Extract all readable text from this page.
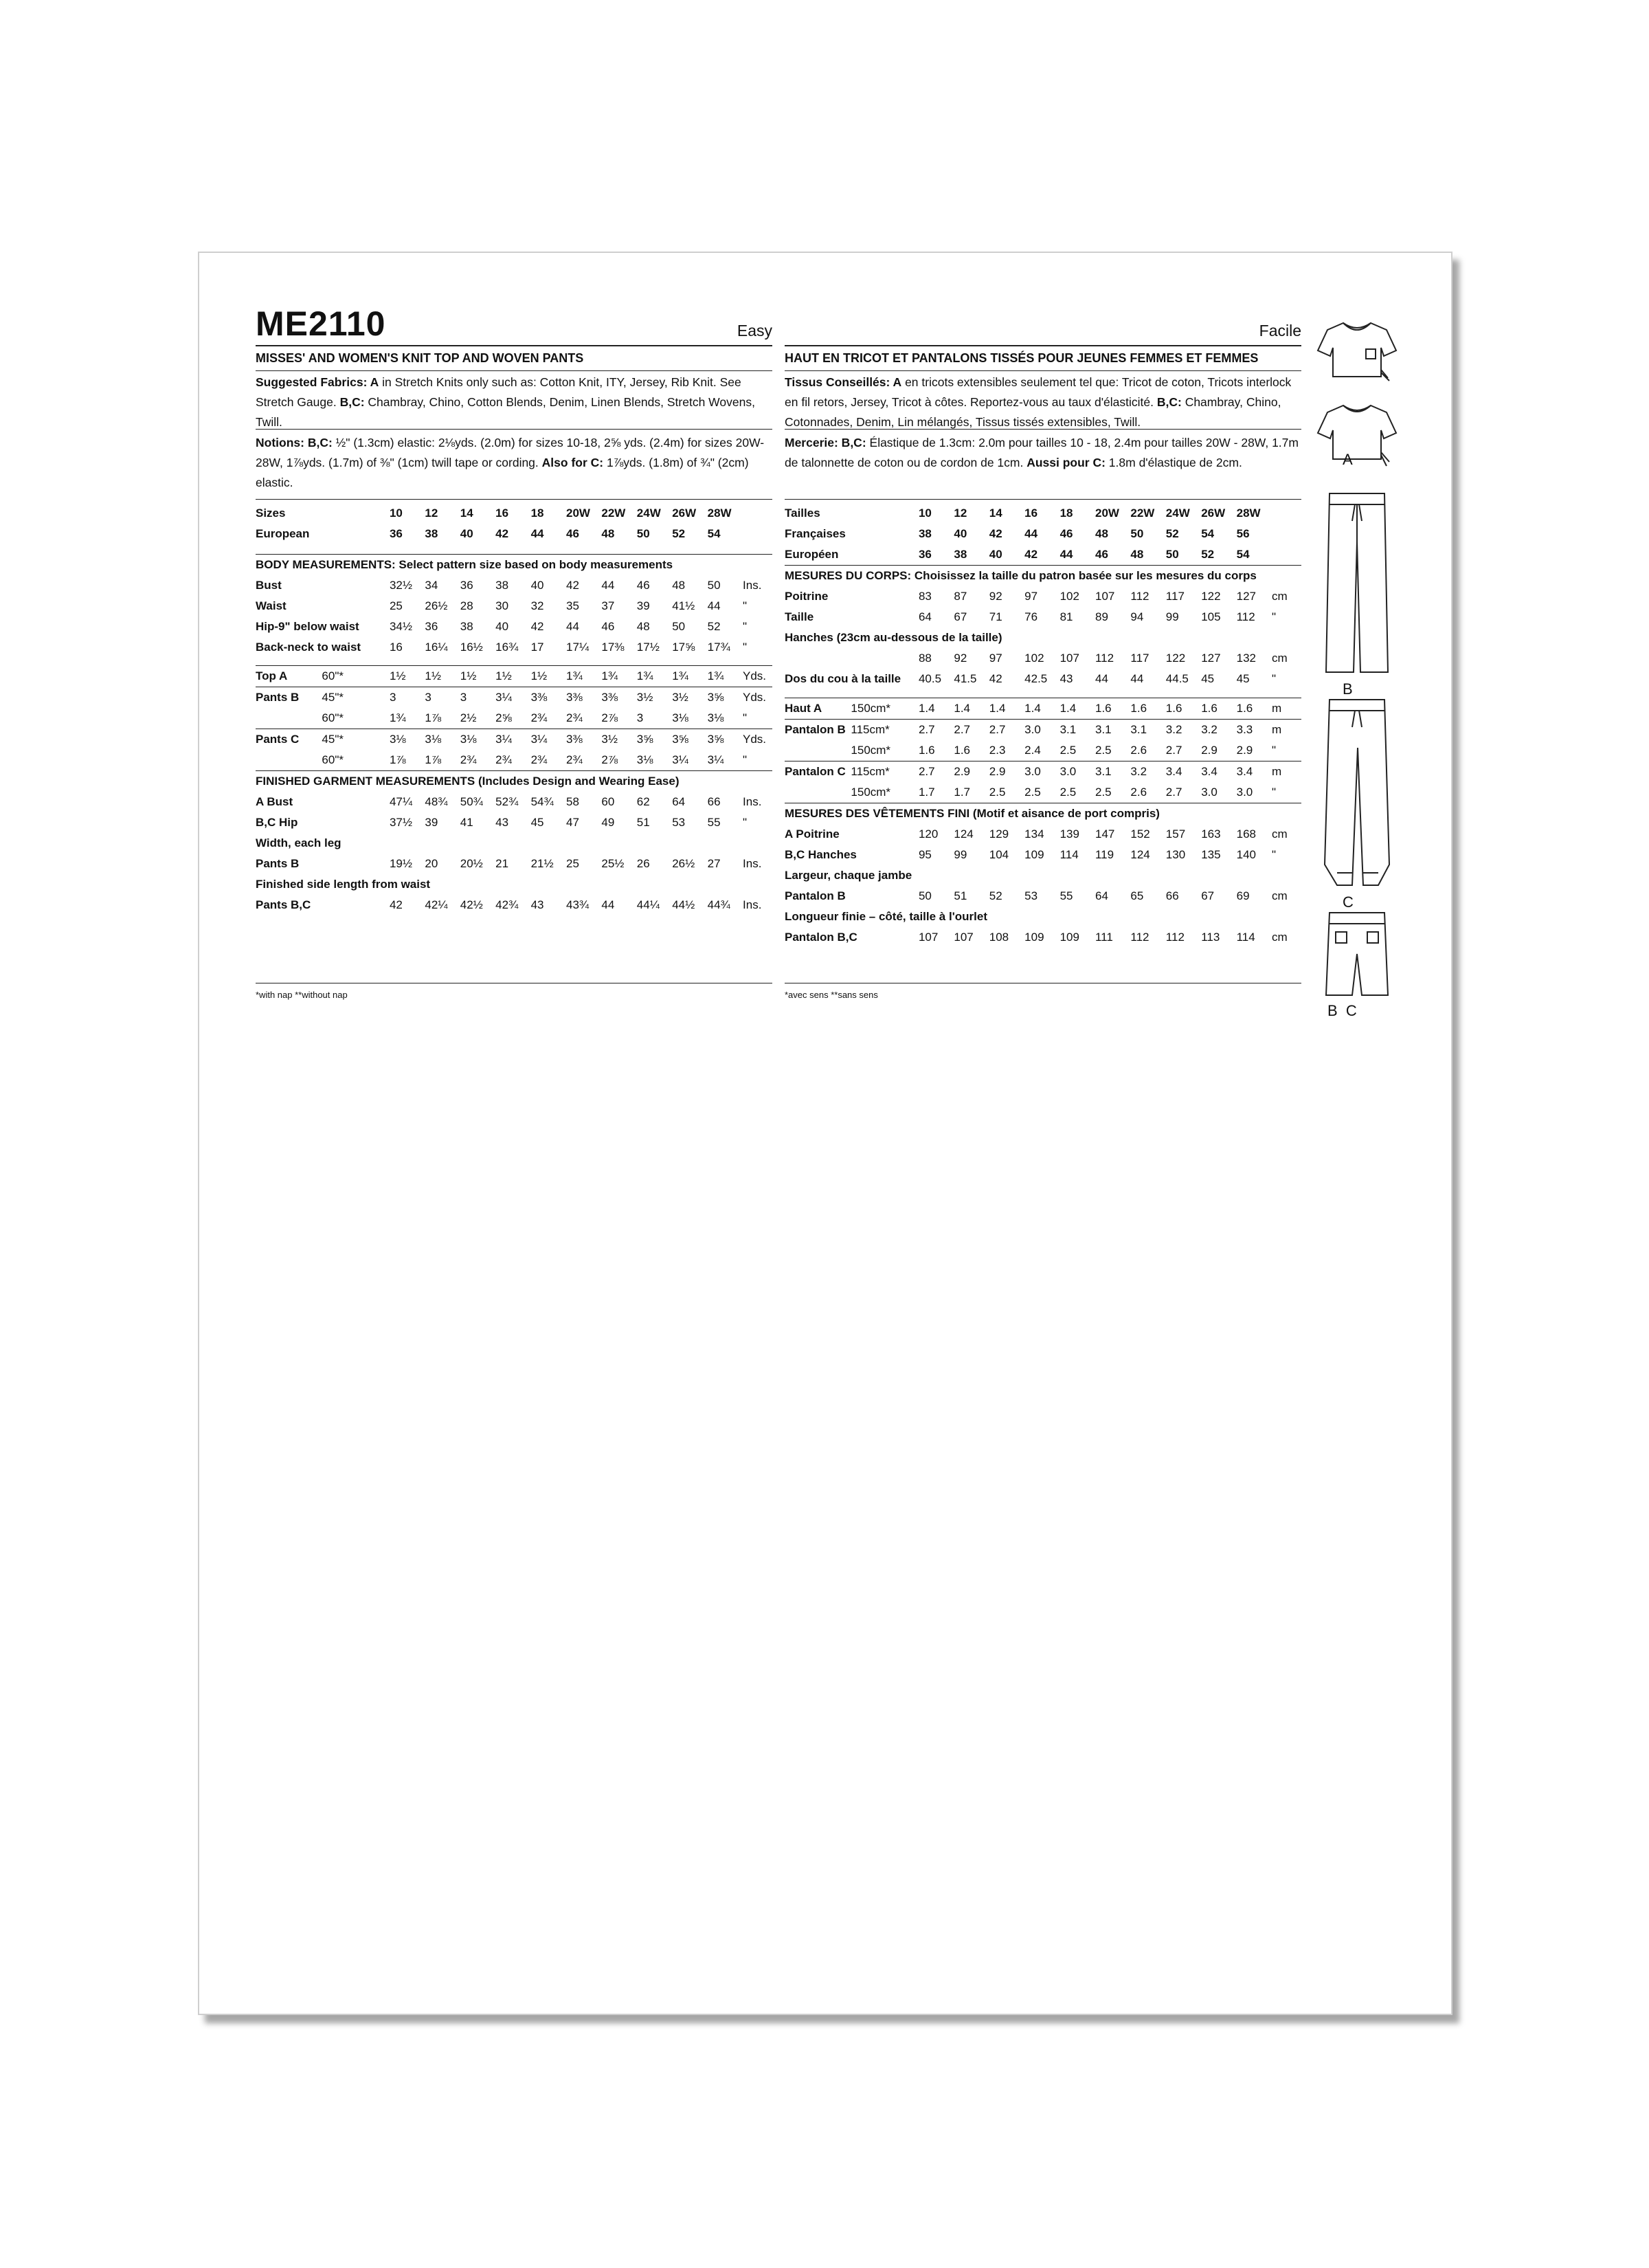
ME2110	Easy
MISSES' AND WOMEN'S KNIT TOP AND WOVEN PANTS
Suggested Fabrics: A in Stretch Knits only such as: Cotton Knit, ITY, Jersey, Rib Knit. See Stretch Gauge. B,C: Chambray, Chino, Cotton Blends, Denim, Linen Blends, Stretch Wovens, Twill.
Notions: B,C: ½" (1.3cm) elastic: 2⅛yds. (2.0m) for sizes 10-18, 2⅝ yds. (2.4m) for sizes 20W-28W, 1⅞yds. (1.7m) of ⅜" (1cm) twill tape or cording. Also for C: 1⅞yds. (1.8m) of ¾" (2cm) elastic.
Sizes		10	12	14	16	18	20W	22W	24W	26W	28W	
European		36	38	40	42	44	46	48	50	52	54	

BODY MEASUREMENTS: Select pattern size based on body measurements												
Bust		32½	34	36	38	40	42	44	46	48	50	Ins.
Waist		25	26½	28	30	32	35	37	39	41½	44	"
Hip-9" below waist		34½	36	38	40	42	44	46	48	50	52	"
Back-neck to waist		16	16¼	16½	16¾	17	17¼	17⅜	17½	17⅝	17¾	"

Top A	60"*	1½	1½	1½	1½	1½	1¾	1¾	1¾	1¾	1¾	Yds.
Pants B	45"*	3	3	3	3¼	3⅜	3⅜	3⅜	3½	3½	3⅝	Yds.
	60"*	1¾	1⅞	2½	2⅝	2¾	2¾	2⅞	3	3⅛	3⅛	"
Pants C	45"*	3⅛	3⅛	3⅛	3¼	3¼	3⅜	3½	3⅝	3⅝	3⅝	Yds.
	60"*	1⅞	1⅞	2¾	2¾	2¾	2¾	2⅞	3⅛	3¼	3¼	"
FINISHED GARMENT MEASUREMENTS (Includes Design and Wearing Ease)												
A Bust		47¼	48¾	50¾	52¾	54¾	58	60	62	64	66	Ins.
B,C Hip		37½	39	41	43	45	47	49	51	53	55	"
Width, each leg												
Pants B		19½	20	20½	21	21½	25	25½	26	26½	27	Ins.
Finished side length from waist												
Pants B,C		42	42¼	42½	42¾	43	43¾	44	44¼	44½	44¾	Ins.
*with nap **without nap
Facile
HAUT EN TRICOT ET PANTALONS TISSÉS POUR JEUNES FEMMES ET FEMMES
Tissus Conseillés: A en tricots extensibles seulement tel que: Tricot de coton, Tricots interlock en fil retors, Jersey, Tricot à côtes. Reportez-vous au taux d'élasticité. B,C: Chambray, Chino, Cotonnades, Denim, Lin mélangés, Tissus tissés extensibles, Twill.
Mercerie: B,C: Élastique de 1.3cm: 2.0m pour tailles 10 - 18, 2.4m pour tailles 20W - 28W, 1.7m de talonnette de coton ou de cordon de 1cm. Aussi pour C: 1.8m d'élastique de 2cm.
Tailles		10	12	14	16	18	20W	22W	24W	26W	28W	
Françaises		38	40	42	44	46	48	50	52	54	56	
Européen		36	38	40	42	44	46	48	50	52	54	
MESURES DU CORPS: Choisissez la taille du patron basée sur les mesures du corps												
Poitrine		83	87	92	97	102	107	112	117	122	127	cm
Taille		64	67	71	76	81	89	94	99	105	112	"
Hanches (23cm au-dessous de la taille)												
		88	92	97	102	107	112	117	122	127	132	cm
Dos du cou à la taille		40.5	41.5	42	42.5	43	44	44	44.5	45	45	"

Haut A	150cm*	1.4	1.4	1.4	1.4	1.4	1.6	1.6	1.6	1.6	1.6	m
Pantalon B	115cm*	2.7	2.7	2.7	3.0	3.1	3.1	3.1	3.2	3.2	3.3	m
	150cm*	1.6	1.6	2.3	2.4	2.5	2.5	2.6	2.7	2.9	2.9	"
Pantalon C	115cm*	2.7	2.9	2.9	3.0	3.0	3.1	3.2	3.4	3.4	3.4	m
	150cm*	1.7	1.7	2.5	2.5	2.5	2.5	2.6	2.7	3.0	3.0	"
MESURES DES VÊTEMENTS FINI (Motif et aisance de port compris)												
A Poitrine		120	124	129	134	139	147	152	157	163	168	cm
B,C Hanches		95	99	104	109	114	119	124	130	135	140	"
Largeur, chaque jambe												
Pantalon B		50	51	52	53	55	64	65	66	67	69	cm
Longueur finie – côté, taille à l'ourlet												
Pantalon B,C		107	107	108	109	109	111	112	112	113	114	cm
*avec sens **sans sens
A
B
C
B  C
